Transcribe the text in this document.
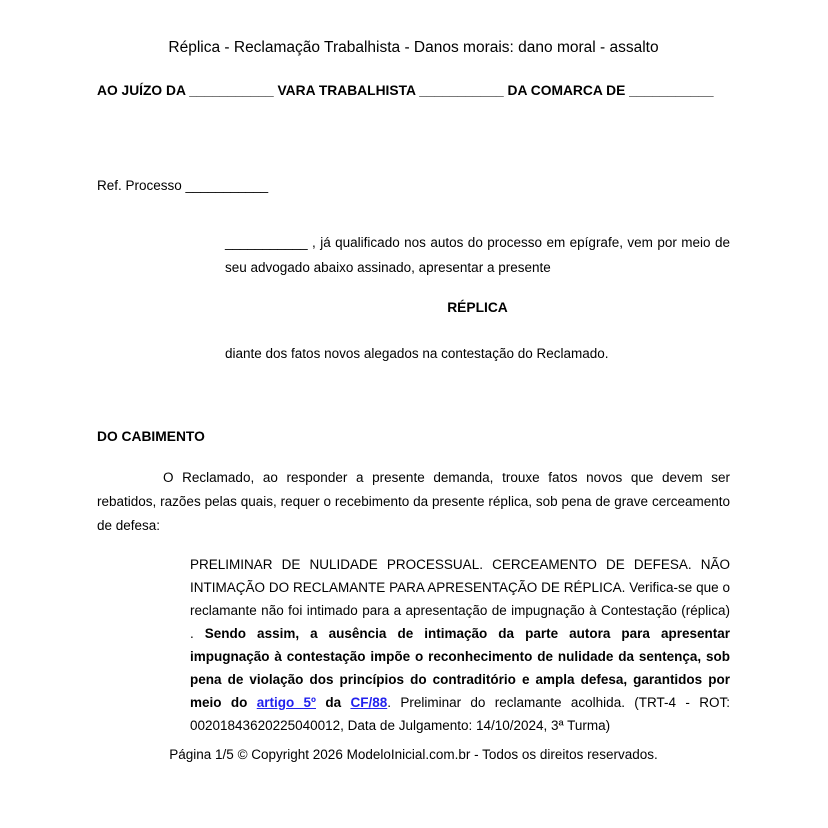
Réplica - Reclamação Trabalhista - Danos morais: dano moral - assalto
AO JUÍZO DA ___________ VARA TRABALHISTA ___________ DA COMARCA DE ___________
Ref. Processo ___________
___________ , já qualificado nos autos do processo em epígrafe, vem por meio de seu advogado abaixo assinado, apresentar a presente
RÉPLICA
diante dos fatos novos alegados na contestação do Reclamado.
DO CABIMENTO
O Reclamado, ao responder a presente demanda, trouxe fatos novos que devem ser rebatidos, razões pelas quais, requer o recebimento da presente réplica, sob pena de grave cerceamento de defesa:
PRELIMINAR DE NULIDADE PROCESSUAL. CERCEAMENTO DE DEFESA. NÃO INTIMAÇÃO DO RECLAMANTE PARA APRESENTAÇÃO DE RÉPLICA. Verifica-se que o reclamante não foi intimado para a apresentação de impugnação à Contestação (réplica) . Sendo assim, a ausência de intimação da parte autora para apresentar impugnação à contestação impõe o reconhecimento de nulidade da sentença, sob pena de violação dos princípios do contraditório e ampla defesa, garantidos por meio do artigo 5º da CF/88. Preliminar do reclamante acolhida. (TRT-4 - ROT: 00201843620225040012, Data de Julgamento: 14/10/2024, 3ª Turma)
Página 1/5 © Copyright 2026 ModeloInicial.com.br - Todos os direitos reservados.
